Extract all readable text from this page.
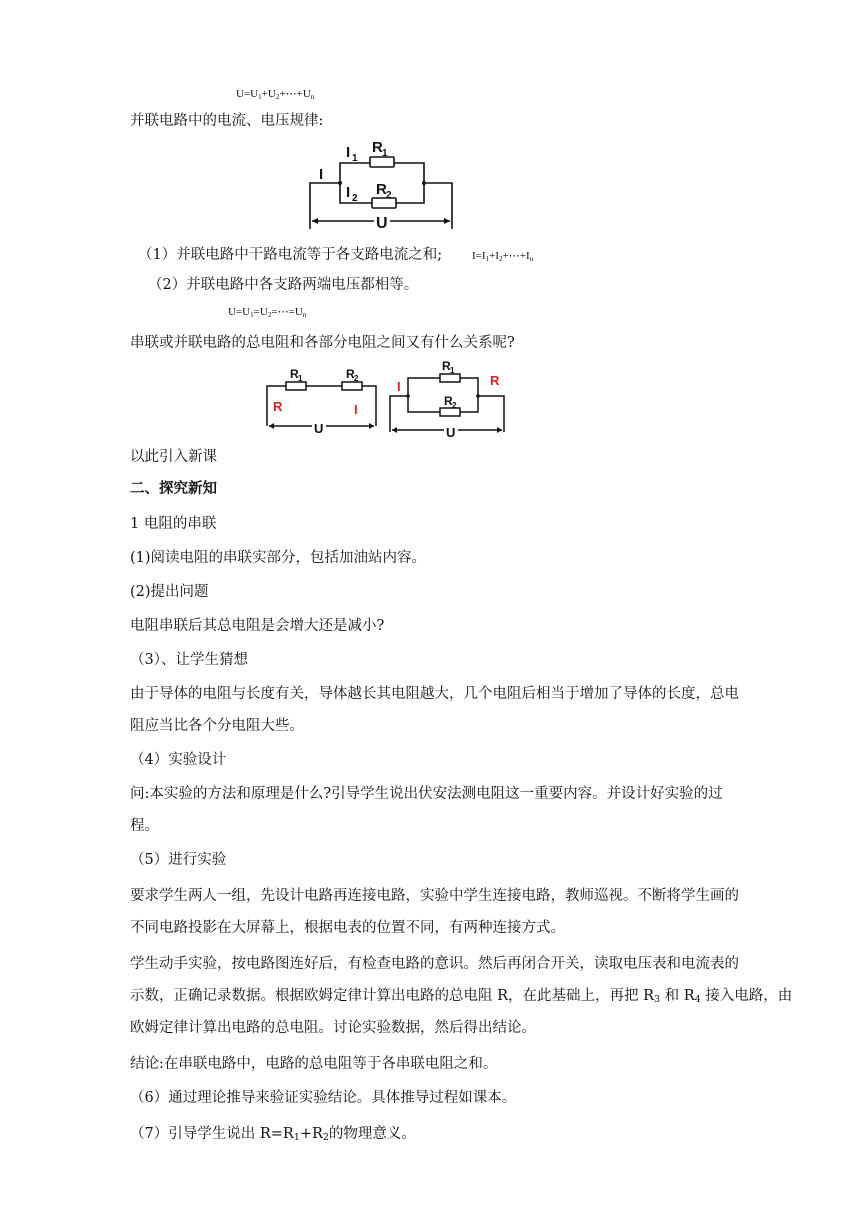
$U=U_1+U_2+\cdots+U_n$
并联电路中的电流、电压规律:
I
I 1
R 1
I 2
R 2
U
（1）并联电路中干路电流等于各支路电流之和;	$I=I_1+I_2+\cdots+I_n$
（2）并联电路中各支路两端电压都相等。
$U=U_1=U_2=\cdots=U_n$
串联或并联电路的总电阻和各部分电阻之间又有什么关系呢?
R 1	R 2
R	I
U
I
R 1
R
R 2
U
以此引入新课
二、探究新知
1 电阻的串联
(1)阅读电阻的串联实部分，包括加油站内容。
(2)提出问题
电阻串联后其总电阻是会增大还是减小?
（3）、让学生猜想
由于导体的电阻与长度有关，导体越长其电阻越大，几个电阻后相当于增加了导体的长度，总电
阻应当比各个分电阻大些。
（4）实验设计
问:本实验的方法和原理是什么?引导学生说出伏安法测电阻这一重要内容。并设计好实验的过
程。
（5）进行实验
要求学生两人一组，先设计电路再连接电路，实验中学生连接电路，教师巡视。不断将学生画的
不同电路投影在大屏幕上，根据电表的位置不同，有两种连接方式。
学生动手实验，按电路图连好后，有检查电路的意识。然后再闭合开关，读取电压表和电流表的
示数，正确记录数据。根据欧姆定律计算出电路的总电阻 R，在此基础上，再把 $R_3$ 和 $R_4$ 接入电路，由
欧姆定律计算出电路的总电阻。讨论实验数据，然后得出结论。
结论:在串联电路中，电路的总电阻等于各串联电阻之和。
（6）通过理论推导来验证实验结论。具体推导过程如课本。
（7）引导学生说出 $R=R_1+R_2$的物理意义。
